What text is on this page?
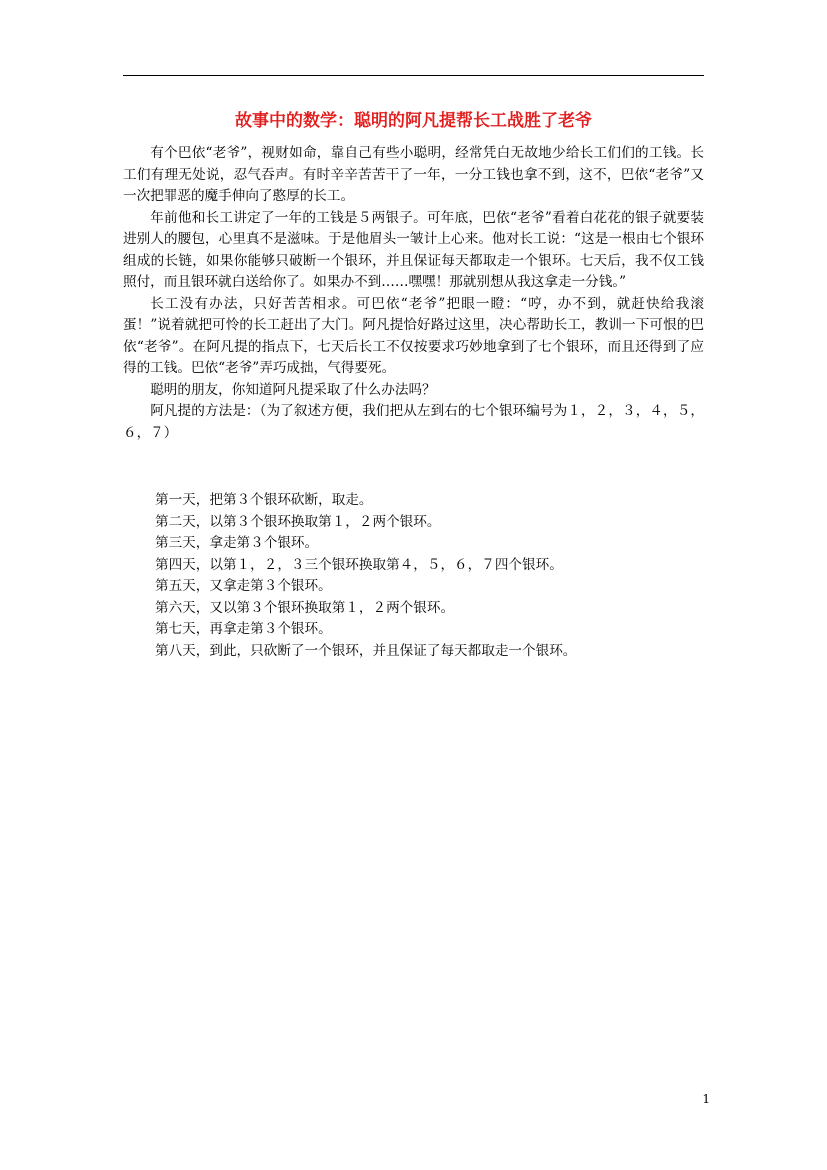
故事中的数学：聪明的阿凡提帮长工战胜了老爷

有个巴依“老爷”，视财如命，靠自己有些小聪明，经常凭白无故地少给长工们们的工钱。长工们有理无处说，忍气吞声。有时辛辛苦苦干了一年，一分工钱也拿不到，这不，巴依“老爷”又一次把罪恶的魔手伸向了憨厚的长工。

年前他和长工讲定了一年的工钱是５两银子。可年底，巴依“老爷”看着白花花的银子就要装进别人的腰包，心里真不是滋味。于是他眉头一皱计上心来。他对长工说：“这是一根由七个银环组成的长链，如果你能够只破断一个银环，并且保证每天都取走一个银环。七天后，我不仅工钱照付，而且银环就白送给你了。如果办不到……嘿嘿！那就别想从我这拿走一分钱。”

长工没有办法，只好苦苦相求。可巴依“老爷”把眼一瞪：“哼，办不到，就赶快给我滚蛋！”说着就把可怜的长工赶出了大门。阿凡提恰好路过这里，决心帮助长工，教训一下可恨的巴依“老爷”。在阿凡提的指点下，七天后长工不仅按要求巧妙地拿到了七个银环，而且还得到了应得的工钱。巴依“老爷”弄巧成拙，气得要死。

聪明的朋友，你知道阿凡提采取了什么办法吗？

阿凡提的方法是：（为了叙述方便，我们把从左到右的七个银环编号为１，２，３，４，５，６，７）

第一天，把第３个银环砍断，取走。
第二天，以第３个银环换取第１，２两个银环。
第三天，拿走第３个银环。
第四天，以第１，２，３三个银环换取第４，５，６，７四个银环。
第五天，又拿走第３个银环。
第六天，又以第３个银环换取第１，２两个银环。
第七天，再拿走第３个银环。
第八天，到此，只砍断了一个银环，并且保证了每天都取走一个银环。
1
